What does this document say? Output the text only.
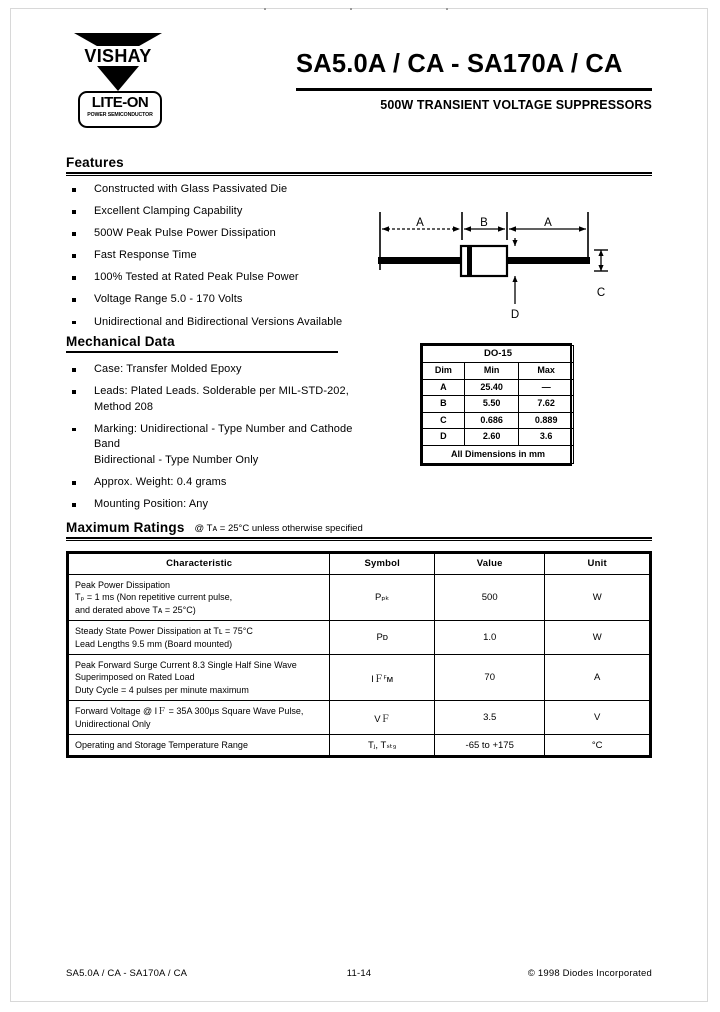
VISHAY
LITE-ON
POWER SEMICONDUCTOR
SA5.0A / CA - SA170A / CA
500W TRANSIENT VOLTAGE SUPPRESSORS
Features
Constructed with Glass Passivated Die
Excellent Clamping Capability
500W Peak Pulse Power Dissipation
Fast Response Time
100% Tested at Rated Peak Pulse Power
Voltage Range 5.0 - 170 Volts
Unidirectional and Bidirectional Versions Available
A	B	A
C
D
Mechanical Data
Case: Transfer Molded Epoxy
Leads: Plated Leads. Solderable per MIL-STD-202, Method 208
Marking: Unidirectional - Type Number and Cathode Band
Bidirectional - Type Number Only
Approx. Weight: 0.4 grams
Mounting Position: Any
DO-15		
Dim	Min	Max
A	25.40	—
B	5.50	7.62
C	0.686	0.889
D	2.60	3.6
All Dimensions in mm		
Maximum Ratings @ Tᴀ = 25°C unless otherwise specified
Characteristic	Symbol	Value	Unit
Peak Power Dissipation
Tₚ = 1 ms (Non repetitive current pulse,
and derated above Tᴀ = 25°C)	Pₚₖ	500	W
Steady State Power Dissipation at Tʟ = 75°C
Lead Lengths 9.5 mm (Board mounted)	Pᴅ	1.0	W
Peak Forward Surge Current 8.3 Single Half Sine Wave
Superimposed on Rated Load
Duty Cycle = 4 pulses per minute maximum	IＦꟳᴍ	70	A
Forward Voltage @ IＦ = 35A 300µs Square Wave Pulse,
Unidirectional Only	VＦ	3.5	V
Operating and Storage Temperature Range	Tⱼ, Tₛₜ₉	-65 to +175	°C
SA5.0A / CA - SA170A / CA	11-14	© 1998 Diodes Incorporated
